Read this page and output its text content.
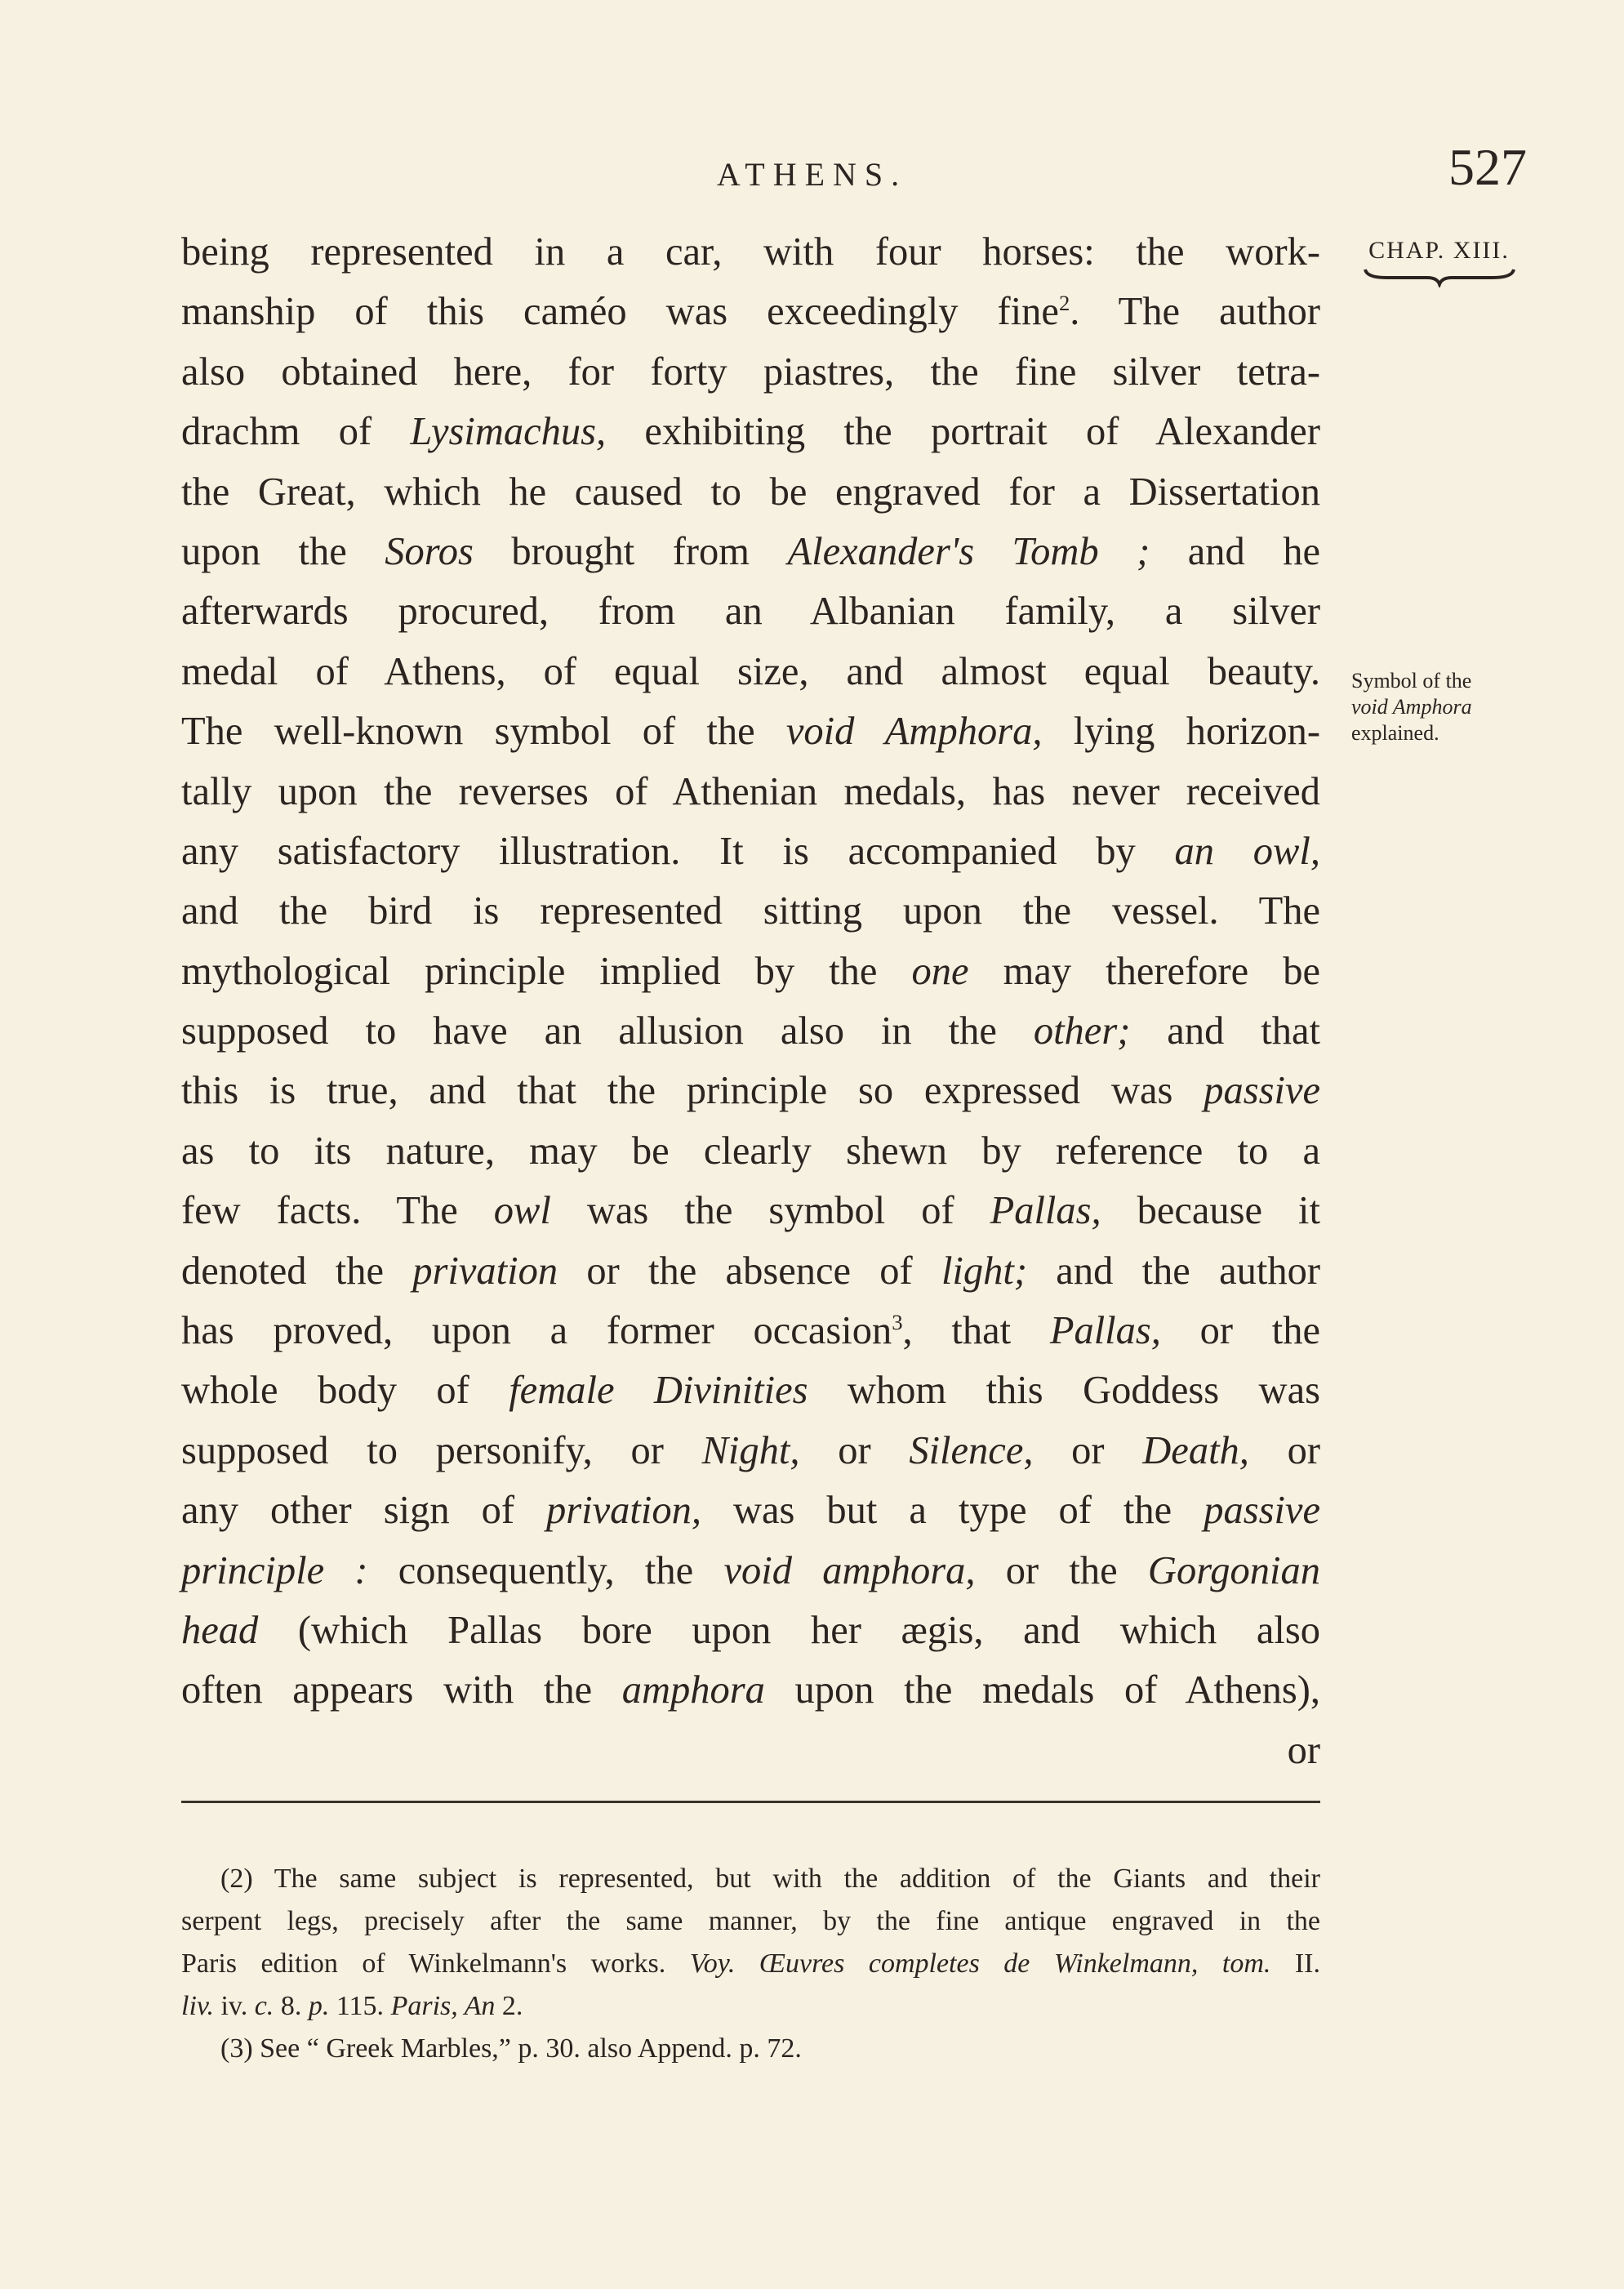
ATHENS.	527
CHAP. XIII.
Symbol of the
void Amphora
explained.
being represented in a car, with four horses: the work-
manship of this caméo was exceedingly fine$^2$. The author
also obtained here, for forty piastres, the fine silver tetra-
drachm of Lysimachus, exhibiting the portrait of Alexander
the Great, which he caused to be engraved for a Dissertation
upon the Soros brought from Alexander's Tomb ; and he
afterwards procured, from an Albanian family, a silver
medal of Athens, of equal size, and almost equal beauty.
The well-known symbol of the void Amphora, lying horizon-
tally upon the reverses of Athenian medals, has never received
any satisfactory illustration. It is accompanied by an owl,
and the bird is represented sitting upon the vessel. The
mythological principle implied by the one may therefore be
supposed to have an allusion also in the other; and that
this is true, and that the principle so expressed was passive
as to its nature, may be clearly shewn by reference to a
few facts. The owl was the symbol of Pallas, because it
denoted the privation or the absence of light; and the author
has proved, upon a former occasion$^3$, that Pallas, or the
whole body of female Divinities whom this Goddess was
supposed to personify, or Night, or Silence, or Death, or
any other sign of privation, was but a type of the passive
principle : consequently, the void amphora, or the Gorgonian
head (which Pallas bore upon her ægis, and which also
often appears with the amphora upon the medals of Athens),
or
(2) The same subject is represented, but with the addition of the Giants and their
serpent legs, precisely after the same manner, by the fine antique engraved in the
Paris edition of Winkelmann's works. Voy. Œuvres completes de Winkelmann, tom. II.
liv. iv. c. 8. p. 115. Paris, An 2.
(3) See “ Greek Marbles,” p. 30. also Append. p. 72.
